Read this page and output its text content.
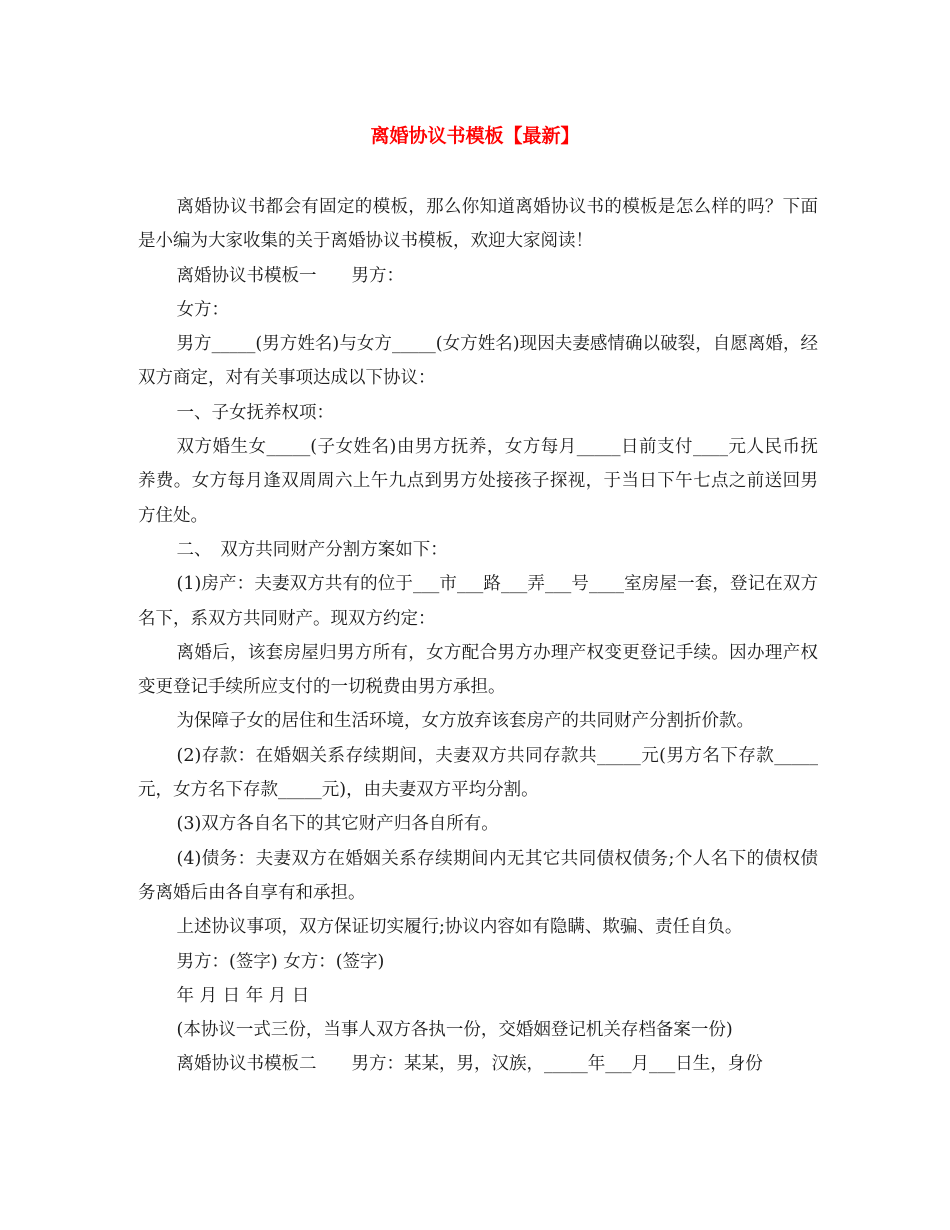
离婚协议书模板【最新】

离婚协议书都会有固定的模板，那么你知道离婚协议书的模板是怎么样的吗？下面是小编为大家收集的关于离婚协议书模板，欢迎大家阅读！

离婚协议书模板一　　男方：

女方：

男方_____(男方姓名)与女方_____(女方姓名)现因夫妻感情确以破裂，自愿离婚，经双方商定，对有关事项达成以下协议：

一、子女抚养权项：

双方婚生女_____(子女姓名)由男方抚养，女方每月_____日前支付____元人民币抚养费。女方每月逢双周周六上午九点到男方处接孩子探视，于当日下午七点之前送回男方住处。

二、　双方共同财产分割方案如下：

(1)房产：夫妻双方共有的位于___市___路___弄___号____室房屋一套，登记在双方名下，系双方共同财产。现双方约定：

离婚后，该套房屋归男方所有，女方配合男方办理产权变更登记手续。因办理产权变更登记手续所应支付的一切税费由男方承担。

为保障子女的居住和生活环境，女方放弃该套房产的共同财产分割折价款。

(2)存款：在婚姻关系存续期间，夫妻双方共同存款共_____元(男方名下存款_____元，女方名下存款_____元)，由夫妻双方平均分割。

(3)双方各自名下的其它财产归各自所有。

(4)债务：夫妻双方在婚姻关系存续期间内无其它共同债权债务;个人名下的债权债务离婚后由各自享有和承担。

上述协议事项，双方保证切实履行;协议内容如有隐瞒、欺骗、责任自负。

男方：(签字) 女方：(签字)

年 月 日 年 月 日

(本协议一式三份，当事人双方各执一份，交婚姻登记机关存档备案一份)

离婚协议书模板二　　男方：某某，男，汉族，_____年___月___日生，身份
